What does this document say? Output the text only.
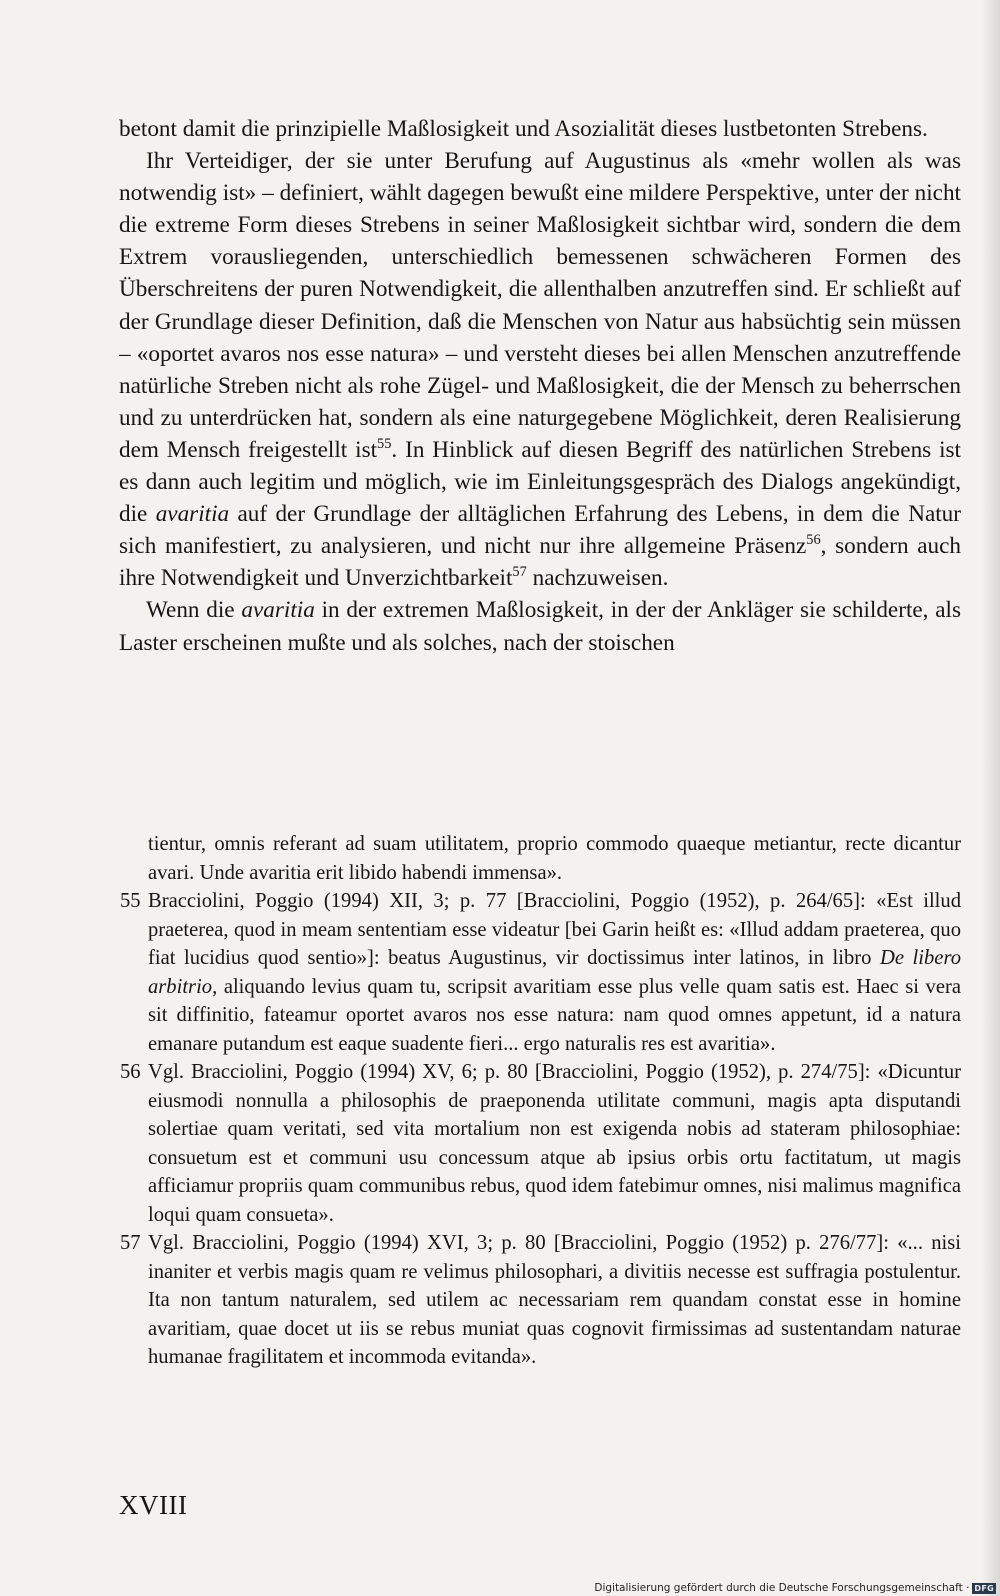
betont damit die prinzipielle Maßlosigkeit und Asozialität dieses lustbetonten Strebens.

Ihr Verteidiger, der sie unter Berufung auf Augustinus als «mehr wollen als was notwendig ist» – definiert, wählt dagegen bewußt eine mildere Perspektive, unter der nicht die extreme Form dieses Strebens in seiner Maßlosigkeit sichtbar wird, sondern die dem Extrem vorausliegenden, unterschiedlich bemessenen schwächeren Formen des Überschreitens der puren Notwendigkeit, die allenthalben anzutreffen sind. Er schließt auf der Grundlage dieser Definition, daß die Menschen von Natur aus habsüchtig sein müssen – «oportet avaros nos esse natura» – und versteht dieses bei allen Menschen anzutreffende natürliche Streben nicht als rohe Zügel- und Maßlosigkeit, die der Mensch zu beherrschen und zu unterdrücken hat, sondern als eine naturgegebene Möglichkeit, deren Realisierung dem Mensch freigestellt ist$^{55}$. In Hinblick auf diesen Begriff des natürlichen Strebens ist es dann auch legitim und möglich, wie im Einleitungsgespräch des Dialogs angekündigt, die avaritia auf der Grundlage der alltäglichen Erfahrung des Lebens, in dem die Natur sich manifestiert, zu analysieren, und nicht nur ihre allgemeine Präsenz$^{56}$, sondern auch ihre Notwendigkeit und Unverzichtbarkeit$^{57}$ nachzuweisen.

Wenn die avaritia in der extremen Maßlosigkeit, in der der Ankläger sie schilderte, als Laster erscheinen mußte und als solches, nach der stoischen

tientur, omnis referant ad suam utilitatem, proprio commodo quaeque metiantur, recte dicantur avari. Unde avaritia erit libido habendi immensa».

55 Bracciolini, Poggio (1994) XII, 3; p. 77 [Bracciolini, Poggio (1952), p. 264/65]: «Est illud praeterea, quod in meam sententiam esse videatur [bei Garin heißt es: «Illud addam praeterea, quo fiat lucidius quod sentio»]: beatus Augustinus, vir doctissimus inter latinos, in libro De libero arbitrio, aliquando levius quam tu, scripsit avaritiam esse plus velle quam satis est. Haec si vera sit diffinitio, fateamur oportet avaros nos esse natura: nam quod omnes appetunt, id a natura emanare putandum est eaque suadente fieri... ergo naturalis res est avaritia».

56 Vgl. Bracciolini, Poggio (1994) XV, 6; p. 80 [Bracciolini, Poggio (1952), p. 274/75]: «Dicuntur eiusmodi nonnulla a philosophis de praeponenda utilitate communi, magis apta disputandi solertiae quam veritati, sed vita mortalium non est exigenda nobis ad stateram philosophiae: consuetum est et communi usu concessum atque ab ipsius orbis ortu factitatum, ut magis afficiamur propriis quam communibus rebus, quod idem fatebimur omnes, nisi malimus magnifica loqui quam consueta».

57 Vgl. Bracciolini, Poggio (1994) XVI, 3; p. 80 [Bracciolini, Poggio (1952) p. 276/77]: «... nisi inaniter et verbis magis quam re velimus philosophari, a divitiis necesse est suffragia postulentur. Ita non tantum naturalem, sed utilem ac necessariam rem quandam constat esse in homine avaritiam, quae docet ut iis se rebus muniat quas cognovit firmissimas ad sustentandam naturae humanae fragilitatem et incommoda evitanda».

XVIII
Digitalisierung gefördert durch die Deutsche Forschungsgemeinschaft · DFG
